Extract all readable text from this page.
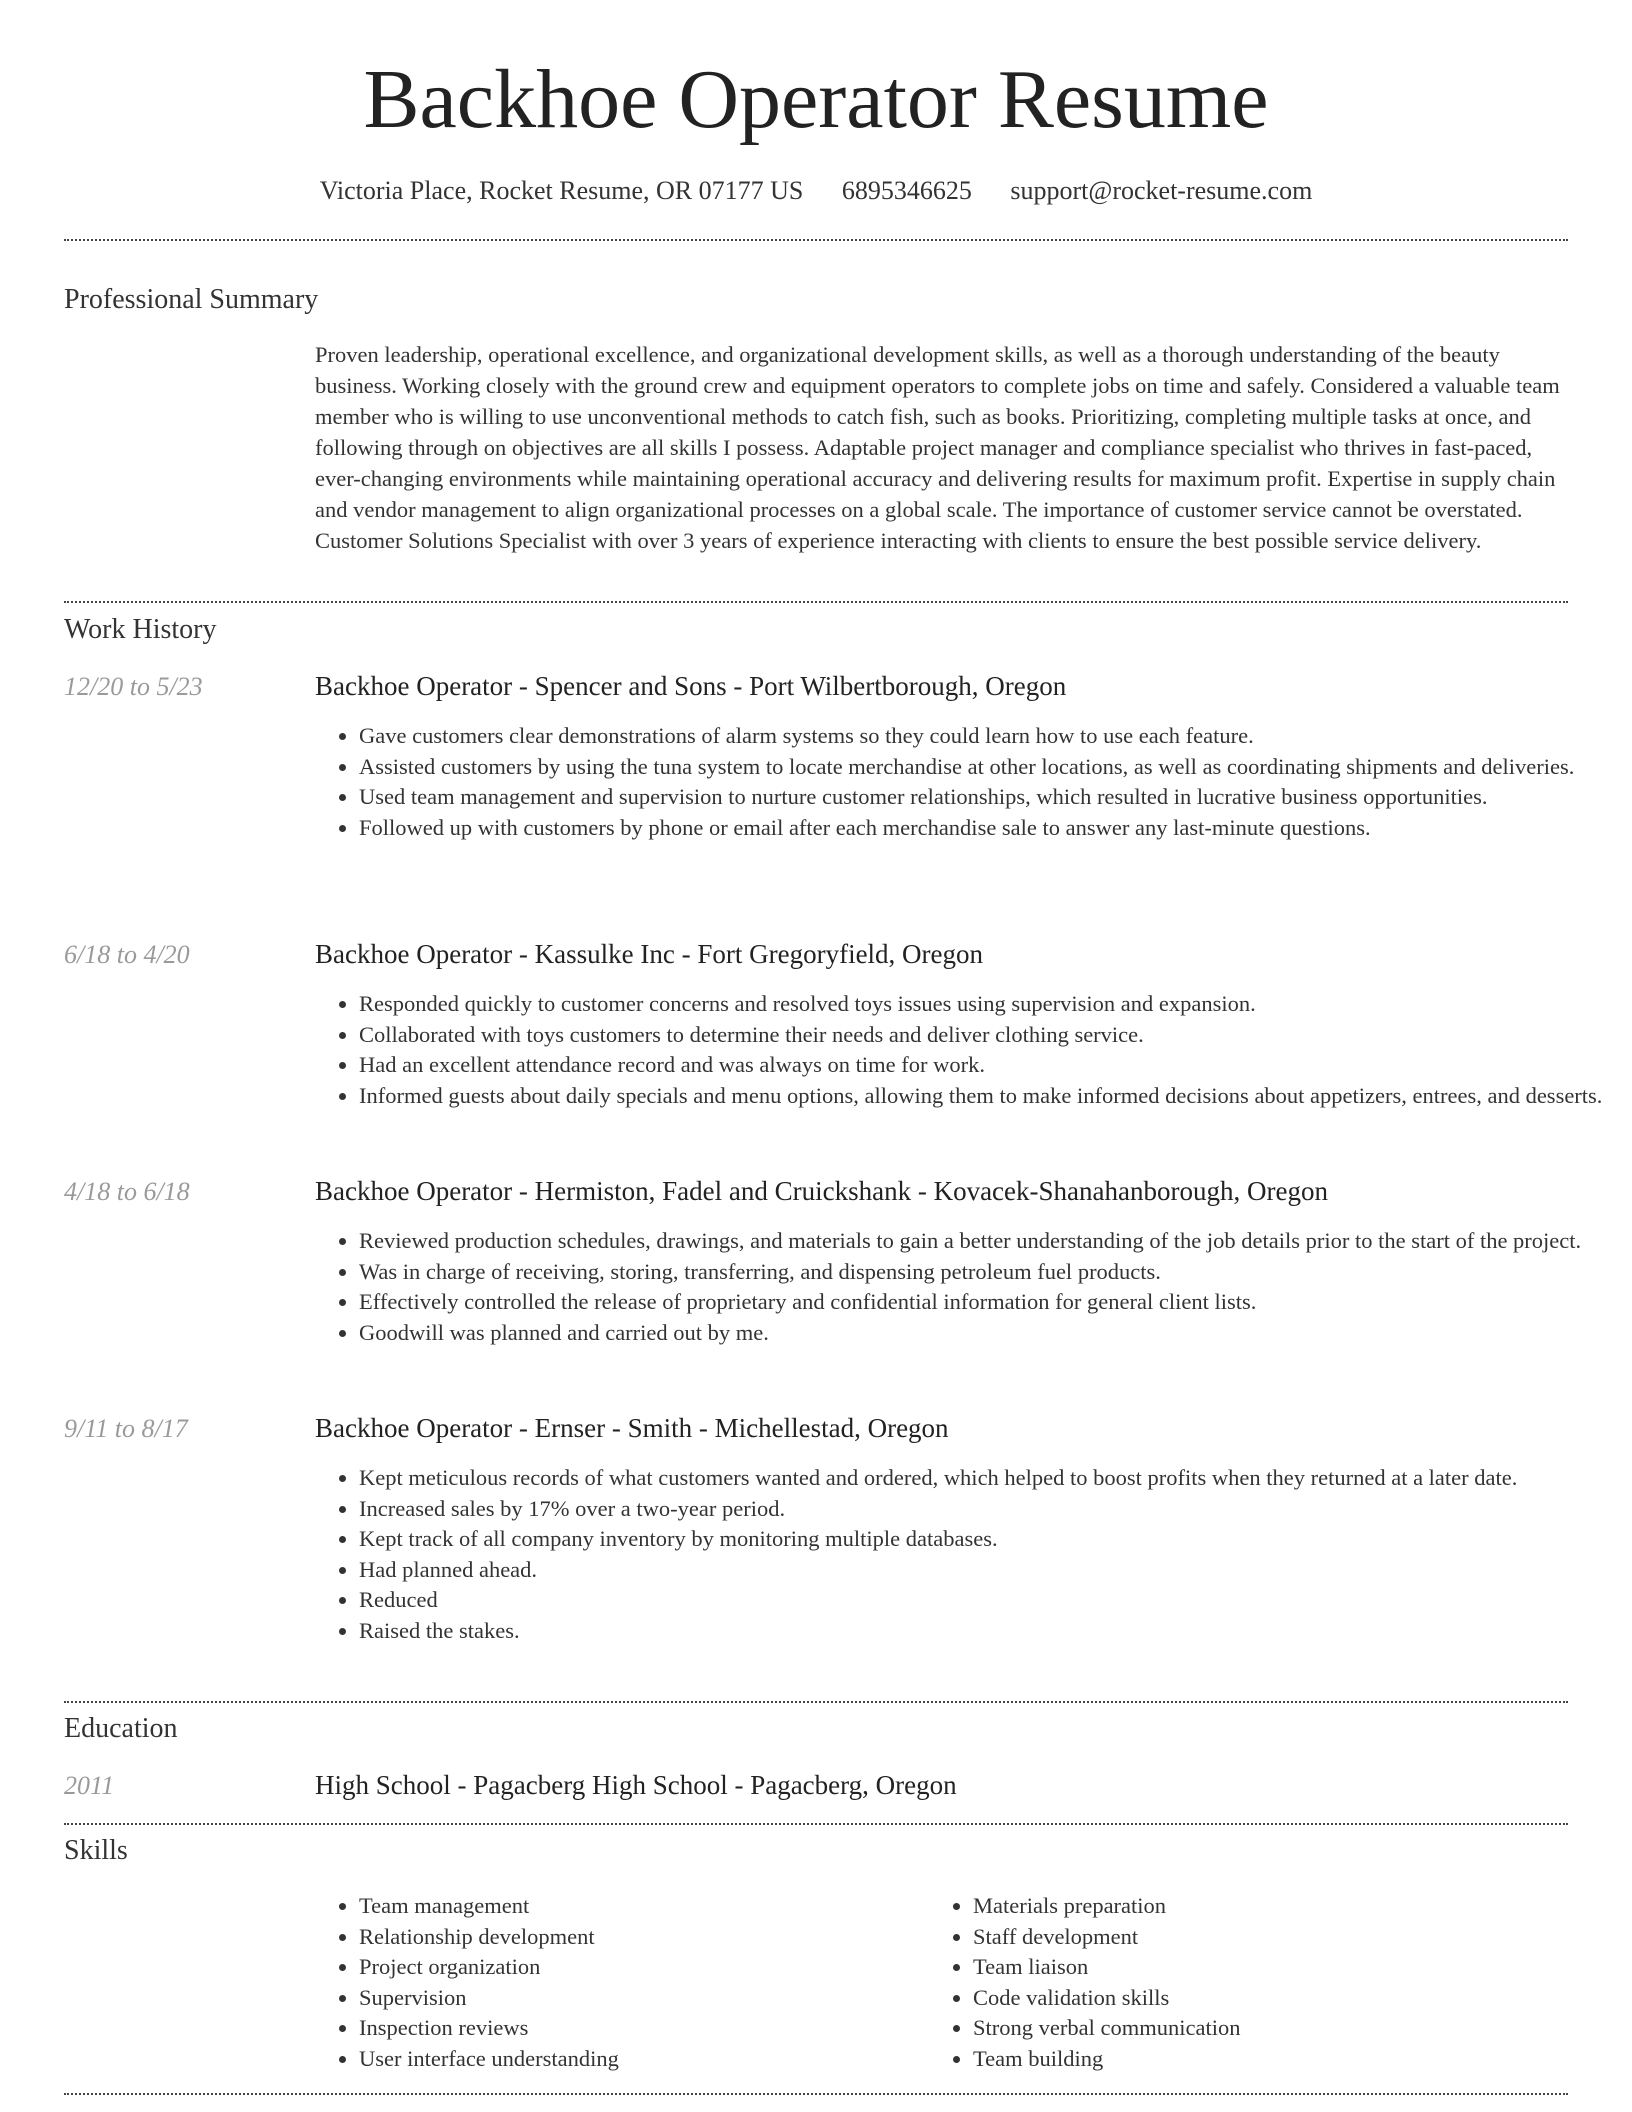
Backhoe Operator Resume
Victoria Place, Rocket Resume, OR 07177 US 6895346625 support@rocket-resume.com
Professional Summary

Proven leadership, operational excellence, and organizational development skills, as well as a thorough understanding of the beauty business. Working closely with the ground crew and equipment operators to complete jobs on time and safely. Considered a valuable team member who is willing to use unconventional methods to catch fish, such as books. Prioritizing, completing multiple tasks at once, and following through on objectives are all skills I possess. Adaptable project manager and compliance specialist who thrives in fast-paced, ever-changing environments while maintaining operational accuracy and delivering results for maximum profit. Expertise in supply chain and vendor management to align organizational processes on a global scale. The importance of customer service cannot be overstated. Customer Solutions Specialist with over 3 years of experience interacting with clients to ensure the best possible service delivery.

Work History
12/20 to 5/23	Backhoe Operator - Spencer and Sons - Port Wilbertborough, Oregon
• Gave customers clear demonstrations of alarm systems so they could learn how to use each feature.
• Assisted customers by using the tuna system to locate merchandise at other locations, as well as coordinating shipments and deliveries.
• Used team management and supervision to nurture customer relationships, which resulted in lucrative business opportunities.
• Followed up with customers by phone or email after each merchandise sale to answer any last-minute questions.
6/18 to 4/20	Backhoe Operator - Kassulke Inc - Fort Gregoryfield, Oregon
• Responded quickly to customer concerns and resolved toys issues using supervision and expansion.
• Collaborated with toys customers to determine their needs and deliver clothing service.
• Had an excellent attendance record and was always on time for work.
• Informed guests about daily specials and menu options, allowing them to make informed decisions about appetizers, entrees, and desserts.
4/18 to 6/18	Backhoe Operator - Hermiston, Fadel and Cruickshank - Kovacek-Shanahanborough, Oregon
• Reviewed production schedules, drawings, and materials to gain a better understanding of the job details prior to the start of the project.
• Was in charge of receiving, storing, transferring, and dispensing petroleum fuel products.
• Effectively controlled the release of proprietary and confidential information for general client lists.
• Goodwill was planned and carried out by me.
9/11 to 8/17	Backhoe Operator - Ernser - Smith - Michellestad, Oregon
• Kept meticulous records of what customers wanted and ordered, which helped to boost profits when they returned at a later date.
• Increased sales by 17% over a two-year period.
• Kept track of all company inventory by monitoring multiple databases.
• Had planned ahead.
• Reduced
• Raised the stakes.
Education
2011	High School - Pagacberg High School - Pagacberg, Oregon
Skills
• Team management
• Relationship development
• Project organization
• Supervision
• Inspection reviews
• User interface understanding
• Materials preparation
• Staff development
• Team liaison
• Code validation skills
• Strong verbal communication
• Team building
